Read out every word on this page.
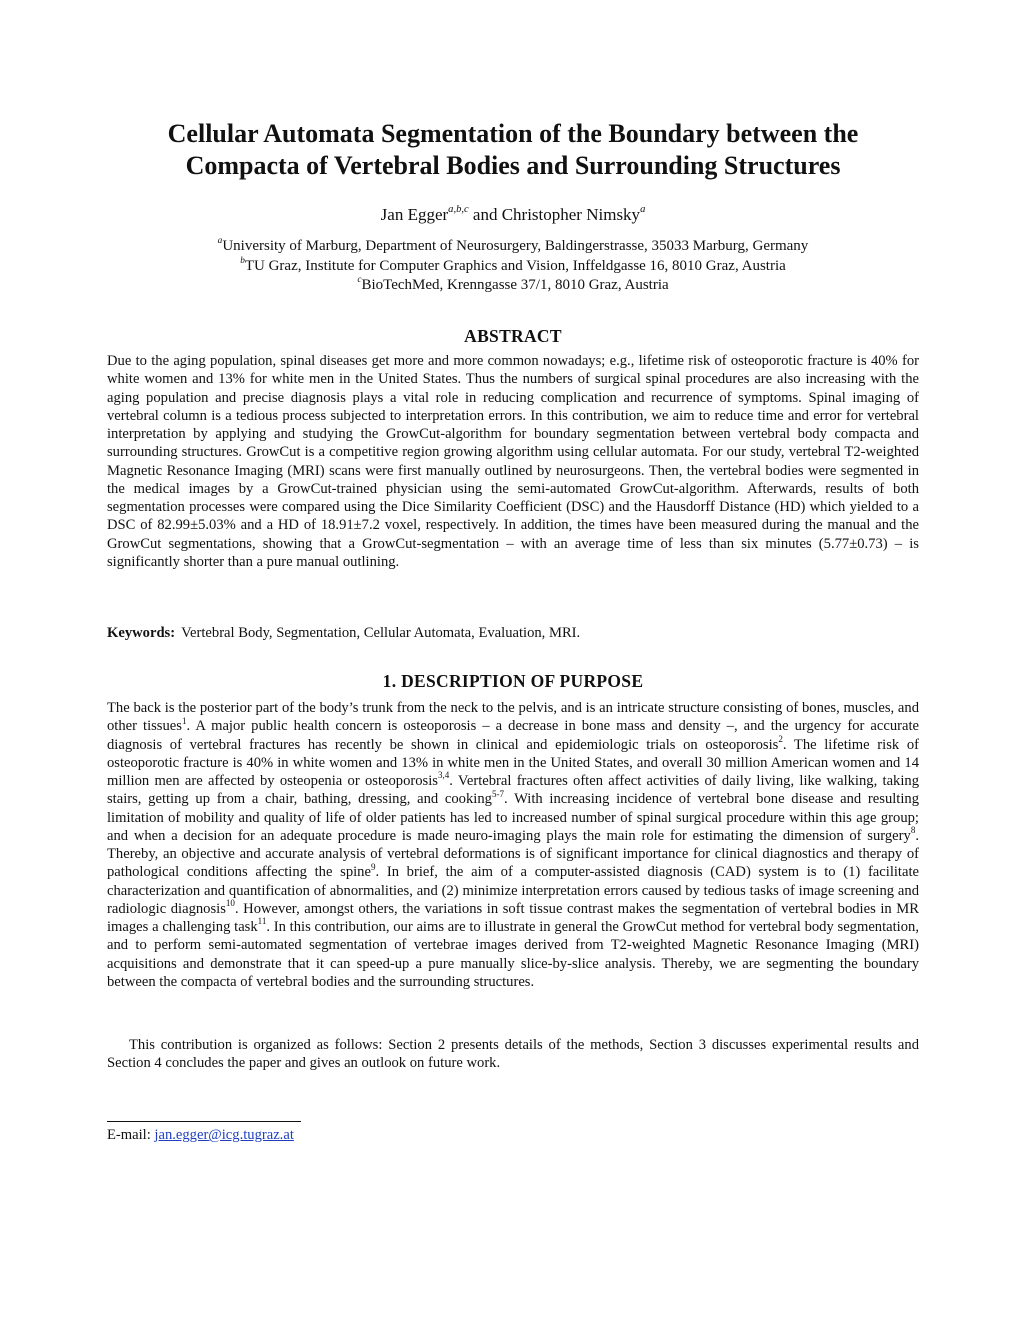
Cellular Automata Segmentation of the Boundary between the
Compacta of Vertebral Bodies and Surrounding Structures
Jan Egger$^{a,b,c}$ and Christopher Nimsky$^a$
$^a$University of Marburg, Department of Neurosurgery, Baldingerstrasse, 35033 Marburg, Germany
$^b$TU Graz, Institute for Computer Graphics and Vision, Inffeldgasse 16, 8010 Graz, Austria
$^c$BioTechMed, Krenngasse 37/1, 8010 Graz, Austria
ABSTRACT

Due to the aging population, spinal diseases get more and more common nowadays; e.g., lifetime risk of osteoporotic fracture is 40% for white women and 13% for white men in the United States. Thus the numbers of surgical spinal procedures are also increasing with the aging population and precise diagnosis plays a vital role in reducing complication and recurrence of symptoms. Spinal imaging of vertebral column is a tedious process subjected to interpretation errors. In this contribution, we aim to reduce time and error for vertebral interpretation by applying and studying the GrowCut-algorithm for boundary segmentation between vertebral body compacta and surrounding structures. GrowCut is a competitive region growing algorithm using cellular automata. For our study, vertebral T2-weighted Magnetic Resonance Imaging (MRI) scans were first manually outlined by neurosurgeons. Then, the vertebral bodies were segmented in the medical images by a GrowCut-trained physician using the semi-automated GrowCut-algorithm. Afterwards, results of both segmentation processes were compared using the Dice Similarity Coefficient (DSC) and the Hausdorff Distance (HD) which yielded to a DSC of 82.99±5.03% and a HD of 18.91±7.2 voxel, respectively. In addition, the times have been measured during the manual and the GrowCut segmentations, showing that a GrowCut-segmentation – with an average time of less than six minutes (5.77±0.73) – is significantly shorter than a pure manual outlining.

Keywords: Vertebral Body, Segmentation, Cellular Automata, Evaluation, MRI.

1. DESCRIPTION OF PURPOSE

The back is the posterior part of the body’s trunk from the neck to the pelvis, and is an intricate structure consisting of bones, muscles, and other tissues$^1$. A major public health concern is osteoporosis – a decrease in bone mass and density –, and the urgency for accurate diagnosis of vertebral fractures has recently be shown in clinical and epidemiologic trials on osteoporosis$^2$. The lifetime risk of osteoporotic fracture is 40% in white women and 13% in white men in the United States, and overall 30 million American women and 14 million men are affected by osteopenia or osteoporosis$^{3,4}$. Vertebral fractures often affect activities of daily living, like walking, taking stairs, getting up from a chair, bathing, dressing, and cooking$^{5-7}$. With increasing incidence of vertebral bone disease and resulting limitation of mobility and quality of life of older patients has led to increased number of spinal surgical procedure within this age group; and when a decision for an adequate procedure is made neuro-imaging plays the main role for estimating the dimension of surgery$^8$. Thereby, an objective and accurate analysis of vertebral deformations is of significant importance for clinical diagnostics and therapy of pathological conditions affecting the spine$^9$. In brief, the aim of a computer-assisted diagnosis (CAD) system is to (1) facilitate characterization and quantification of abnormalities, and (2) minimize interpretation errors caused by tedious tasks of image screening and radiologic diagnosis$^{10}$. However, amongst others, the variations in soft tissue contrast makes the segmentation of vertebral bodies in MR images a challenging task$^{11}$. In this contribution, our aims are to illustrate in general the GrowCut method for vertebral body segmentation, and to perform semi-automated segmentation of vertebrae images derived from T2-weighted Magnetic Resonance Imaging (MRI) acquisitions and demonstrate that it can speed-up a pure manually slice-by-slice analysis. Thereby, we are segmenting the boundary between the compacta of vertebral bodies and the surrounding structures.

This contribution is organized as follows: Section 2 presents details of the methods, Section 3 discusses experimental results and Section 4 concludes the paper and gives an outlook on future work.

E-mail: jan.egger@icg.tugraz.at
